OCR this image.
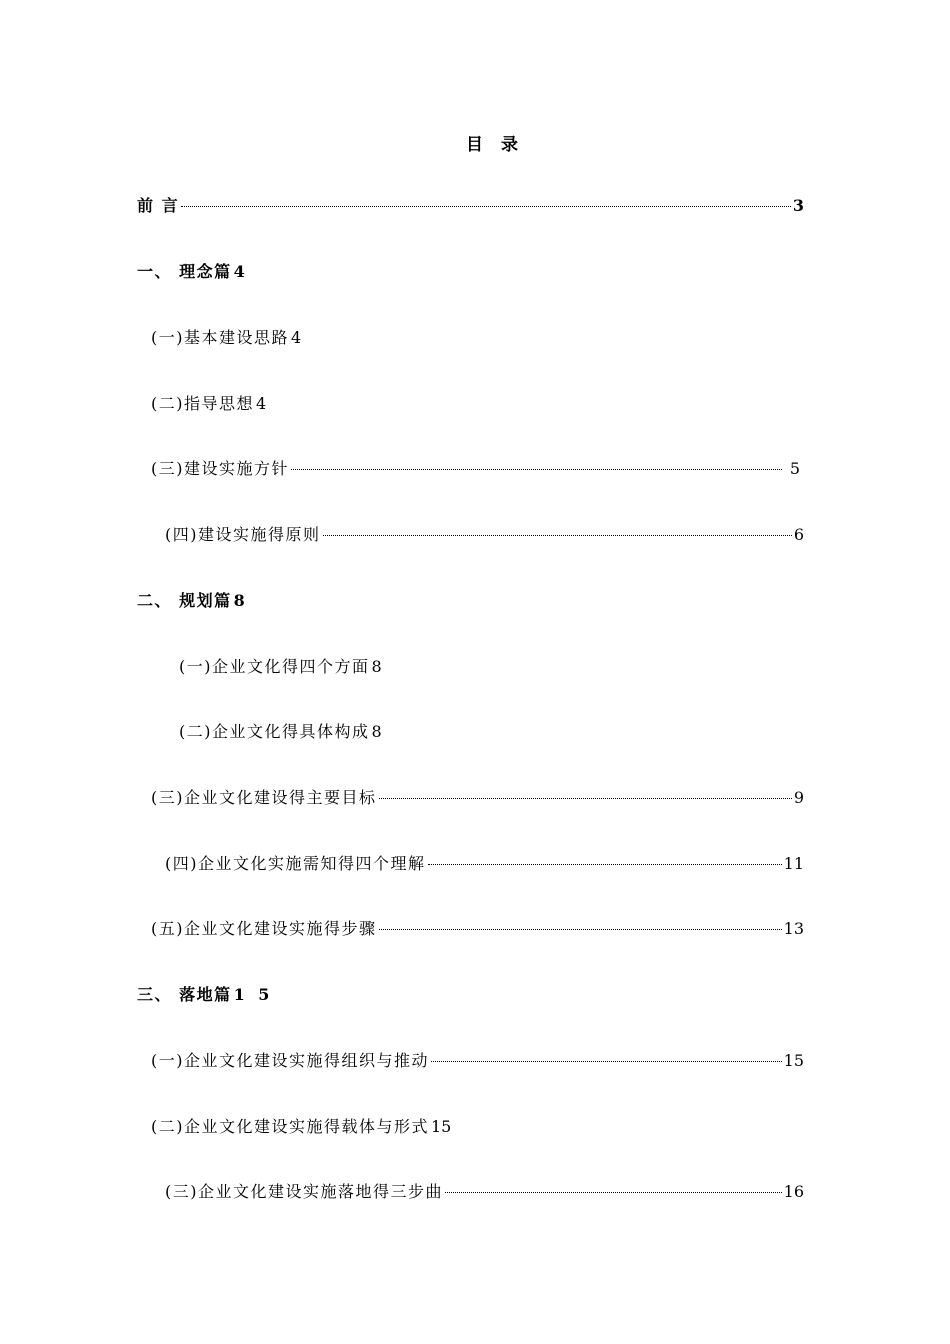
目 录
前 言	3
一、 理念篇 4
(一)基本建设思路 4
(二)指导思想 4
(三)建设实施方针	5
(四)建设实施得原则	6
二、 规划篇 8
(一)企业文化得四个方面 8
(二)企业文化得具体构成 8
(三)企业文化建设得主要目标	9
(四)企业文化实施需知得四个理解	11
(五)企业文化建设实施得步骤	13
三、 落地篇 1 5
(一)企业文化建设实施得组织与推动	15
(二)企业文化建设实施得载体与形式 15
(三)企业文化建设实施落地得三步曲	16
